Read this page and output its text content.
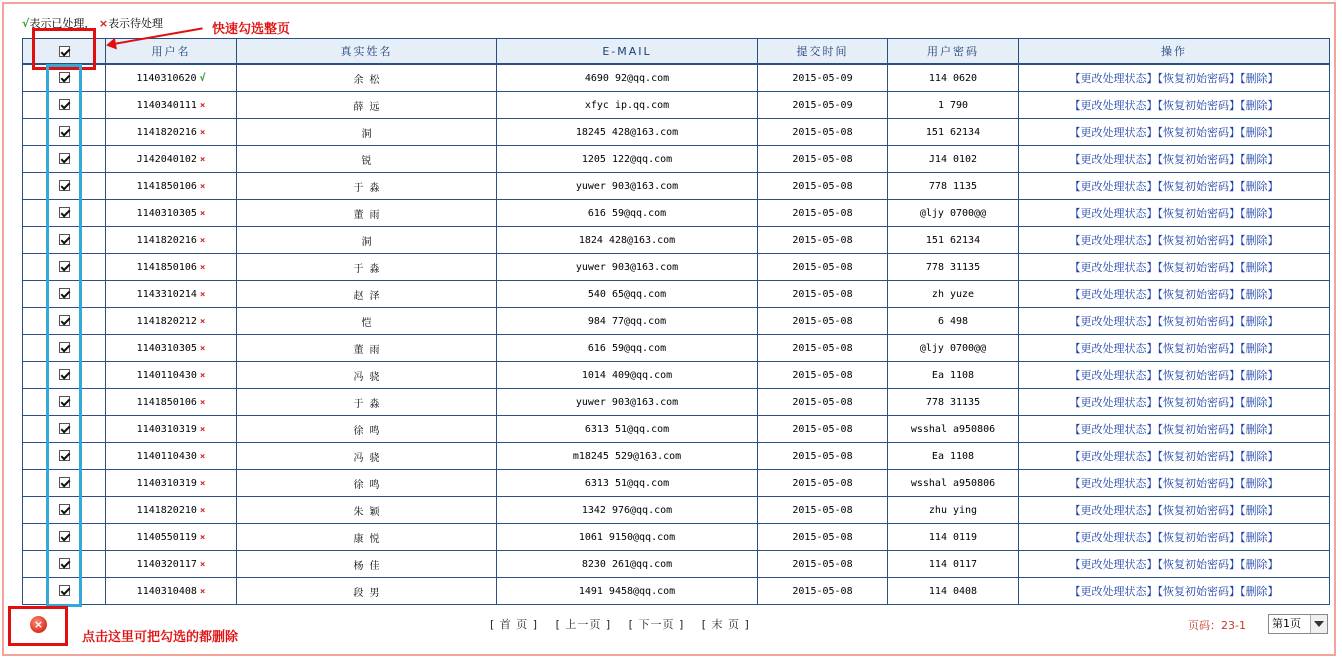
√表示已处理， ×表示待处理
	用户名	真实姓名	E-MAIL	提交时间	用户密码	操作
	1140310620 √	余 松	4690 92@qq.com	2015-05-09	114 0620	【更改处理状态】【恢复初始密码】【删除】
	1140340111 ×	薛 远	xfyc ip.qq.com	2015-05-09	1 790	【更改处理状态】【恢复初始密码】【删除】
	1141820216 ×	洞	18245 428@163.com	2015-05-08	151 62134	【更改处理状态】【恢复初始密码】【删除】
	J142040102 ×	锐	1205 122@qq.com	2015-05-08	J14 0102	【更改处理状态】【恢复初始密码】【删除】
	1141850106 ×	于 淼	yuwer 903@163.com	2015-05-08	778 1135	【更改处理状态】【恢复初始密码】【删除】
	1140310305 ×	董 雨	616 59@qq.com	2015-05-08	@ljy 0700@@	【更改处理状态】【恢复初始密码】【删除】
	1141820216 ×	洞	1824 428@163.com	2015-05-08	151 62134	【更改处理状态】【恢复初始密码】【删除】
	1141850106 ×	于 淼	yuwer 903@163.com	2015-05-08	778 31135	【更改处理状态】【恢复初始密码】【删除】
	1143310214 ×	赵 泽	540 65@qq.com	2015-05-08	zh yuze	【更改处理状态】【恢复初始密码】【删除】
	1141820212 ×	恺	984 77@qq.com	2015-05-08	6 498	【更改处理状态】【恢复初始密码】【删除】
	1140310305 ×	董 雨	616 59@qq.com	2015-05-08	@ljy 0700@@	【更改处理状态】【恢复初始密码】【删除】
	1140110430 ×	冯 骁	1014 409@qq.com	2015-05-08	Ea 1108	【更改处理状态】【恢复初始密码】【删除】
	1141850106 ×	于 淼	yuwer 903@163.com	2015-05-08	778 31135	【更改处理状态】【恢复初始密码】【删除】
	1140310319 ×	徐 鸣	6313 51@qq.com	2015-05-08	wsshal a950806	【更改处理状态】【恢复初始密码】【删除】
	1140110430 ×	冯 骁	m18245 529@163.com	2015-05-08	Ea 1108	【更改处理状态】【恢复初始密码】【删除】
	1140310319 ×	徐 鸣	6313 51@qq.com	2015-05-08	wsshal a950806	【更改处理状态】【恢复初始密码】【删除】
	1141820210 ×	朱 颖	1342 976@qq.com	2015-05-08	zhu ying	【更改处理状态】【恢复初始密码】【删除】
	1140550119 ×	康 悦	1061 9150@qq.com	2015-05-08	114 0119	【更改处理状态】【恢复初始密码】【删除】
	1140320117 ×	杨 佳	8230 261@qq.com	2015-05-08	114 0117	【更改处理状态】【恢复初始密码】【删除】
	1140310408 ×	段 男	1491 9458@qq.com	2015-05-08	114 0408	【更改处理状态】【恢复初始密码】【删除】
快速勾选整页
×
点击这里可把勾选的都删除
[ 首 页 ] [ 上一页 ] [ 下一页 ] [ 末 页 ]	页码：23-1	第1页
